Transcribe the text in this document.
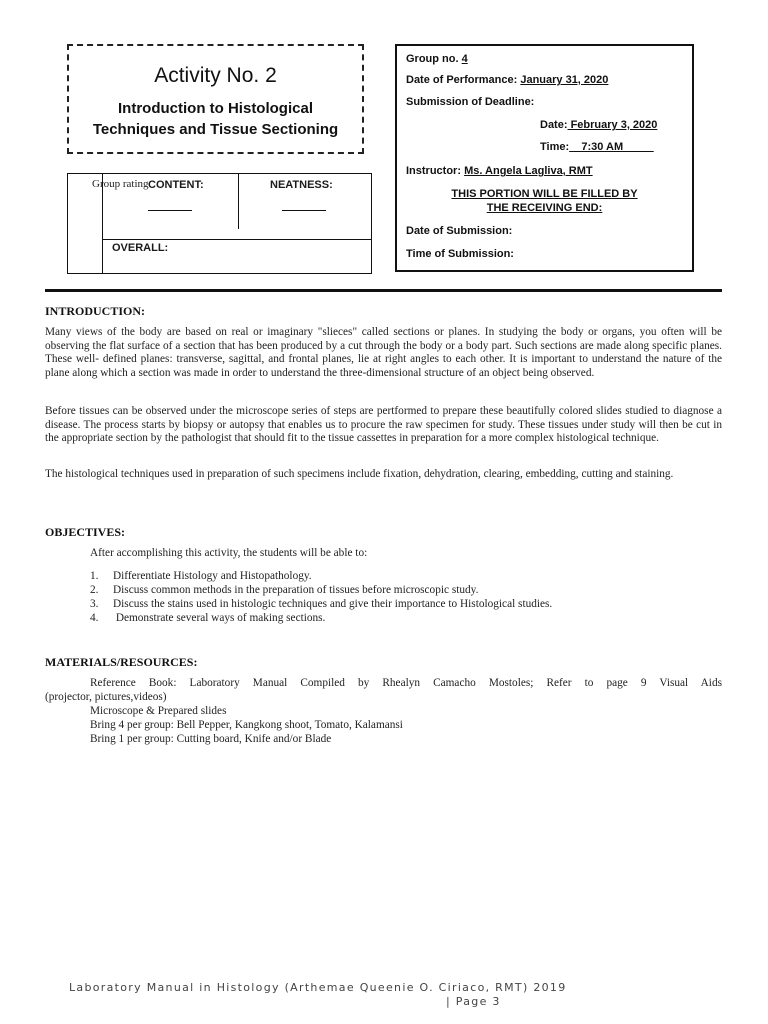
Activity No. 2
Introduction to Histological
Techniques and Tissue Sectioning
Group rating CONTENT:	NEATNESS:
OVERALL:
Group no. 4
Date of Performance: January 31, 2020
Submission of Deadline:
Date: February 3, 2020
Time:    7:30 AM
Instructor: Ms. Angela Lagliva, RMT
THIS PORTION WILL BE FILLED BY THE RECEIVING END:
Date of Submission:
Time of Submission:
INTRODUCTION:

Many views of the body are based on real or imaginary "slieces" called sections or planes. In studying the body or organs, you often will be observing the flat surface of a section that has been produced by a cut through the body or a body part. Such sections are made along specific planes. These well- defined planes: transverse, sagittal, and frontal planes, lie at right angles to each other. It is important to understand the nature of the plane along which a section was made in order to understand the three-dimensional structure of an object being observed.

Before tissues can be observed under the microscope series of steps are pertformed to prepare these beautifully colored slides studied to diagnose a disease. The process starts by biopsy or autopsy that enables us to procure the raw specimen for study. These tissues under study will then be cut in the appropriate section by the pathologist that should fit to the tissue cassettes in preparation for a more complex histological technique.

The histological techniques used in preparation of such specimens include fixation, dehydration, clearing, embedding, cutting and staining.

OBJECTIVES:
After accomplishing this activity, the students will be able to:
1. Differentiate Histology and Histopathology.
2. Discuss common methods in the preparation of tissues before microscopic study.
3. Discuss the stains used in histologic techniques and give their importance to Histological studies.
4. Demonstrate several ways of making sections.
MATERIALS/RESOURCES:
Reference Book: Laboratory Manual Compiled by Rhealyn Camacho Mostoles; Refer to page 9 Visual Aids
(projector, pictures,videos)
Microscope & Prepared slides
Bring 4 per group: Bell Pepper, Kangkong shoot, Tomato, Kalamansi
Bring 1 per group: Cutting board, Knife and/or Blade
Laboratory Manual in Histology (Arthemae Queenie O. Ciriaco, RMT) 2019
| Page 3
